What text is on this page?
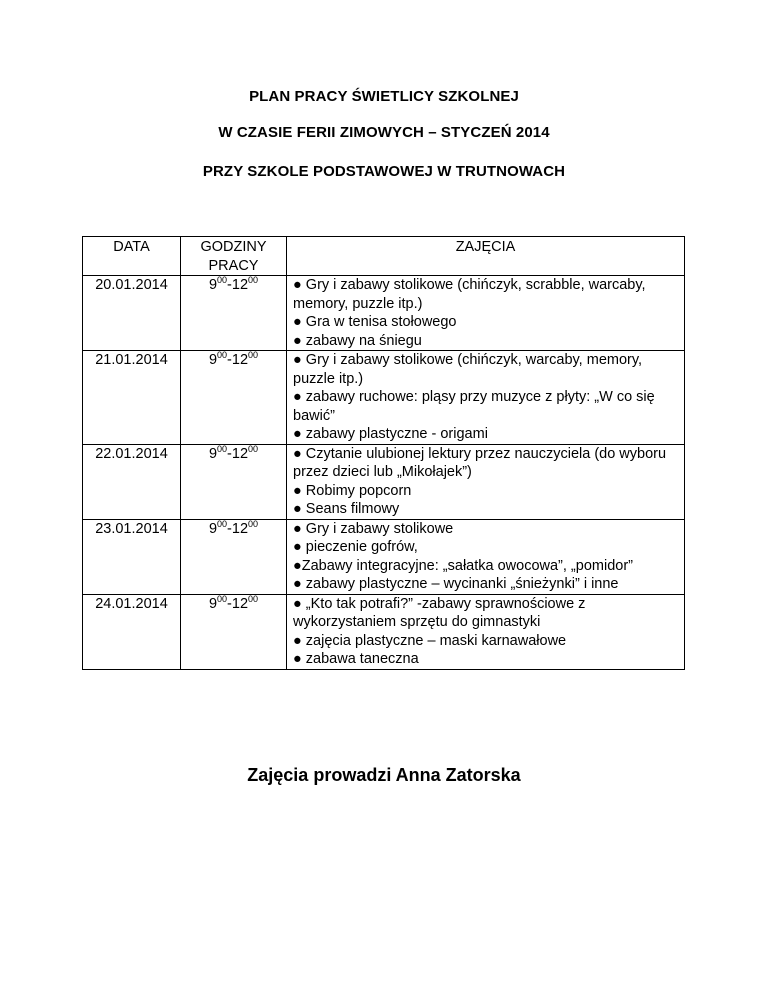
PLAN PRACY ŚWIETLICY SZKOLNEJ
W CZASIE FERII ZIMOWYCH – STYCZEŃ 2014
PRZY SZKOLE PODSTAWOWEJ W TRUTNOWACH
DATA	GODZINY PRACY	ZAJĘCIA
20.01.2014	$9^{00}-12^{00}$	● Gry i zabawy stolikowe (chińczyk, scrabble, warcaby, memory, puzzle itp.)
● Gra w tenisa stołowego
● zabawy na śniegu

21.01.2014	$9^{00}-12^{00}$	● Gry i zabawy stolikowe (chińczyk, warcaby, memory, puzzle itp.)
● zabawy ruchowe: pląsy przy muzyce z płyty: „W co się bawić”
● zabawy plastyczne - origami

22.01.2014	$9^{00}-12^{00}$	● Czytanie ulubionej lektury przez nauczyciela (do wyboru przez dzieci lub „Mikołajek”)
● Robimy popcorn
● Seans filmowy

23.01.2014	$9^{00}-12^{00}$	● Gry i zabawy stolikowe
● pieczenie gofrów,
●Zabawy integracyjne: „sałatka owocowa”, „pomidor”
● zabawy plastyczne – wycinanki „śnieżynki” i inne

24.01.2014	$9^{00}-12^{00}$	● „Kto tak potrafi?” -zabawy sprawnościowe z wykorzystaniem sprzętu do gimnastyki
● zajęcia plastyczne – maski karnawałowe
● zabawa taneczna
Zajęcia prowadzi Anna Zatorska
